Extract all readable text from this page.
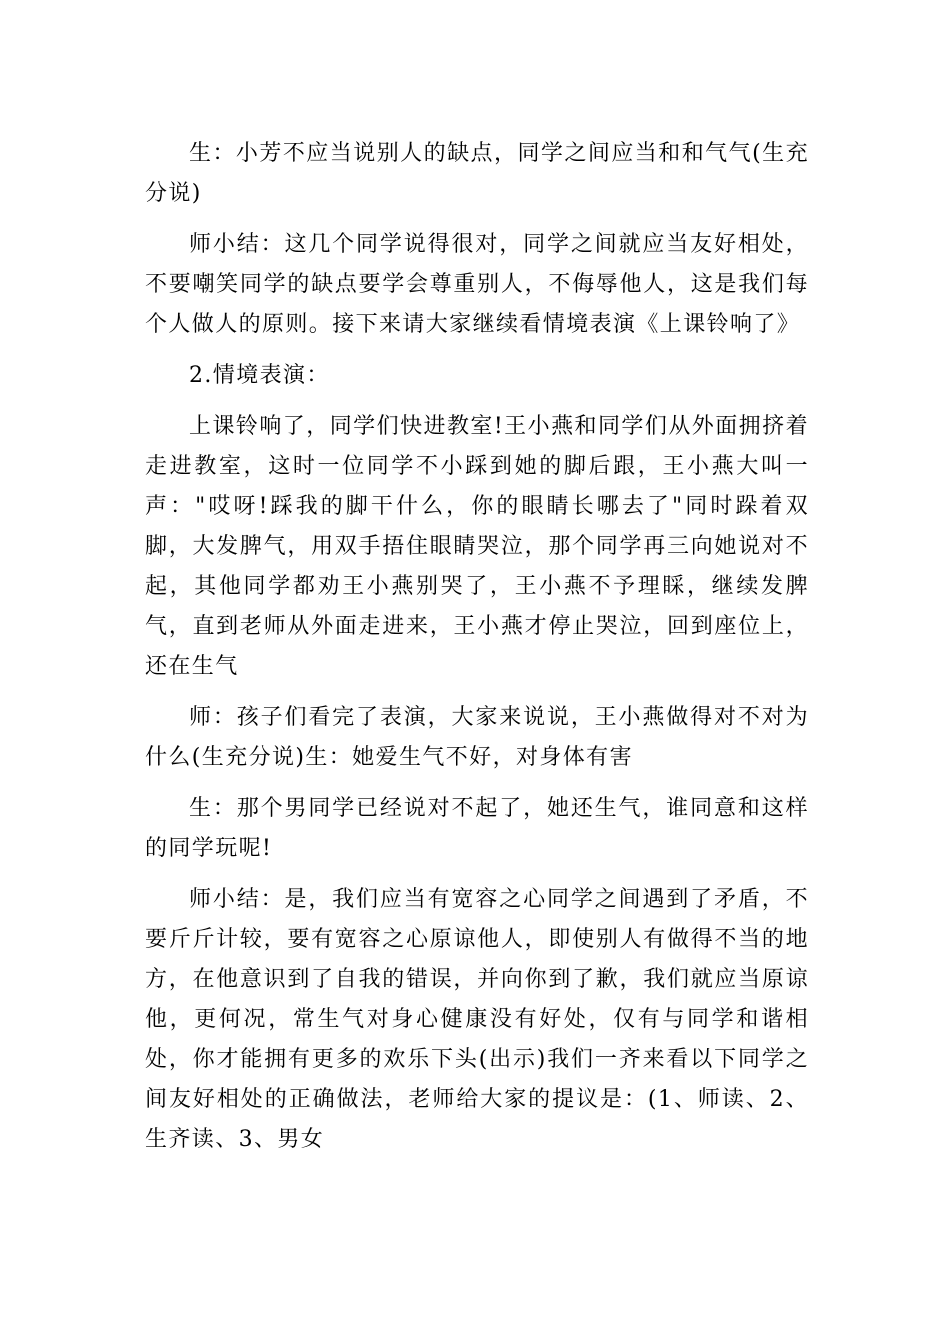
生：小芳不应当说别人的缺点，同学之间应当和和气气(生充分说)

师小结：这几个同学说得很对，同学之间就应当友好相处，不要嘲笑同学的缺点要学会尊重别人，不侮辱他人，这是我们每个人做人的原则。接下来请大家继续看情境表演《上课铃响了》

2.情境表演：

上课铃响了，同学们快进教室!王小燕和同学们从外面拥挤着走进教室，这时一位同学不小踩到她的脚后跟，王小燕大叫一声："哎呀!踩我的脚干什么，你的眼睛长哪去了"同时跺着双脚，大发脾气，用双手捂住眼睛哭泣，那个同学再三向她说对不起，其他同学都劝王小燕别哭了，王小燕不予理睬，继续发脾气，直到老师从外面走进来，王小燕才停止哭泣，回到座位上，还在生气

师：孩子们看完了表演，大家来说说，王小燕做得对不对为什么(生充分说)生：她爱生气不好，对身体有害

生：那个男同学已经说对不起了，她还生气，谁同意和这样的同学玩呢!

师小结：是，我们应当有宽容之心同学之间遇到了矛盾，不要斤斤计较，要有宽容之心原谅他人，即使别人有做得不当的地方，在他意识到了自我的错误，并向你到了歉，我们就应当原谅他，更何况，常生气对身心健康没有好处，仅有与同学和谐相处，你才能拥有更多的欢乐下头(出示)我们一齐来看以下同学之间友好相处的正确做法，老师给大家的提议是：(1、师读、2、生齐读、3、男女
